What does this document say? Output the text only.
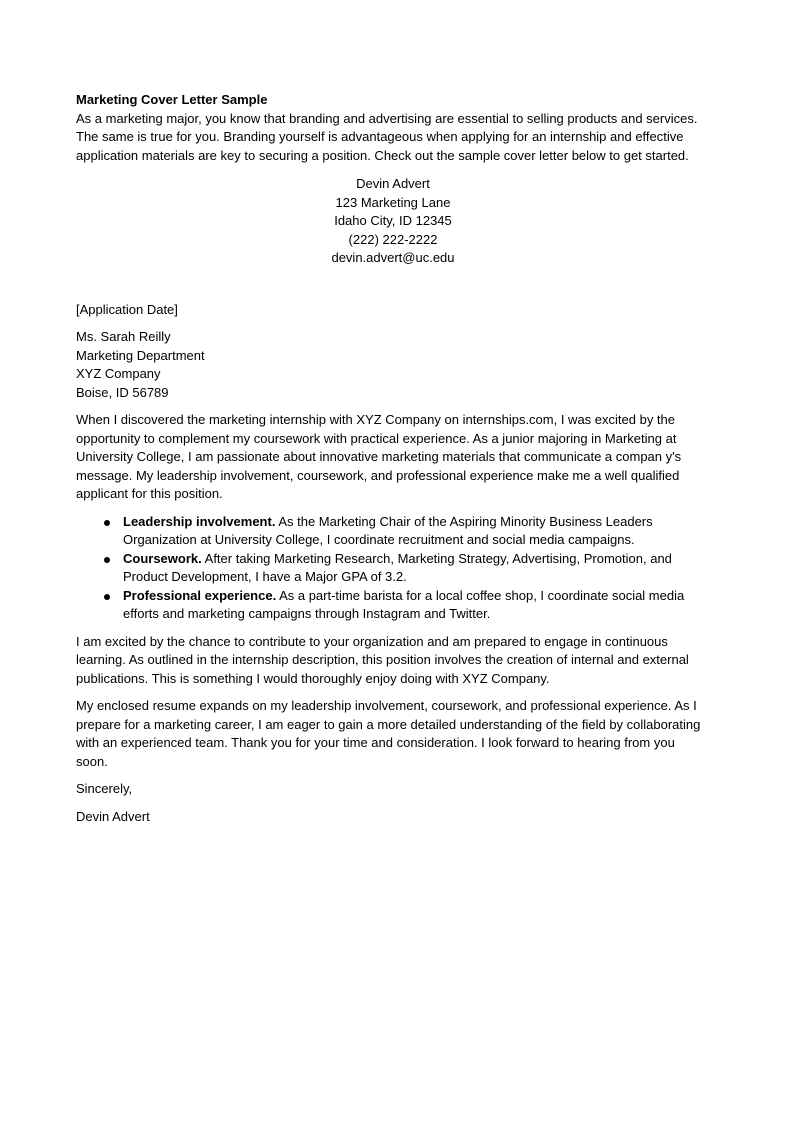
Marketing Cover Letter Sample

As a marketing major, you know that branding and advertising are essential to selling products and services. The same is true for you. Branding yourself is advantageous when applying for an internship and effective application materials are key to securing a position. Check out the sample cover letter below to get started.

Devin Advert
123 Marketing Lane
Idaho City, ID 12345
(222) 222-2222
devin.advert@uc.edu

[Application Date]

Ms. Sarah Reilly
Marketing Department
XYZ Company
Boise, ID 56789

When I discovered the marketing internship with XYZ Company on internships.com, I was excited by the opportunity to complement my coursework with practical experience. As a junior majoring in Marketing at University College, I am passionate about innovative marketing materials that communicate a compan y's message. My leadership involvement, coursework, and professional experience make me a well qualified applicant for this position.

Leadership involvement. As the Marketing Chair of the Aspiring Minority Business Leaders Organization at University College, I coordinate recruitment and social media campaigns.
Coursework. After taking Marketing Research, Marketing Strategy, Advertising, Promotion, and Product Development, I have a Major GPA of 3.2.
Professional experience. As a part-time barista for a local coffee shop, I coordinate social media efforts and marketing campaigns through Instagram and Twitter.

I am excited by the chance to contribute to your organization and am prepared to engage in continuous learning. As outlined in the internship description, this position involves the creation of internal and external publications. This is something I would thoroughly enjoy doing with XYZ Company.

My enclosed resume expands on my leadership involvement, coursework, and professional experience. As I prepare for a marketing career, I am eager to gain a more detailed understanding of the field by collaborating with an experienced team. Thank you for your time and consideration. I look forward to hearing from you soon.

Sincerely,

Devin Advert
